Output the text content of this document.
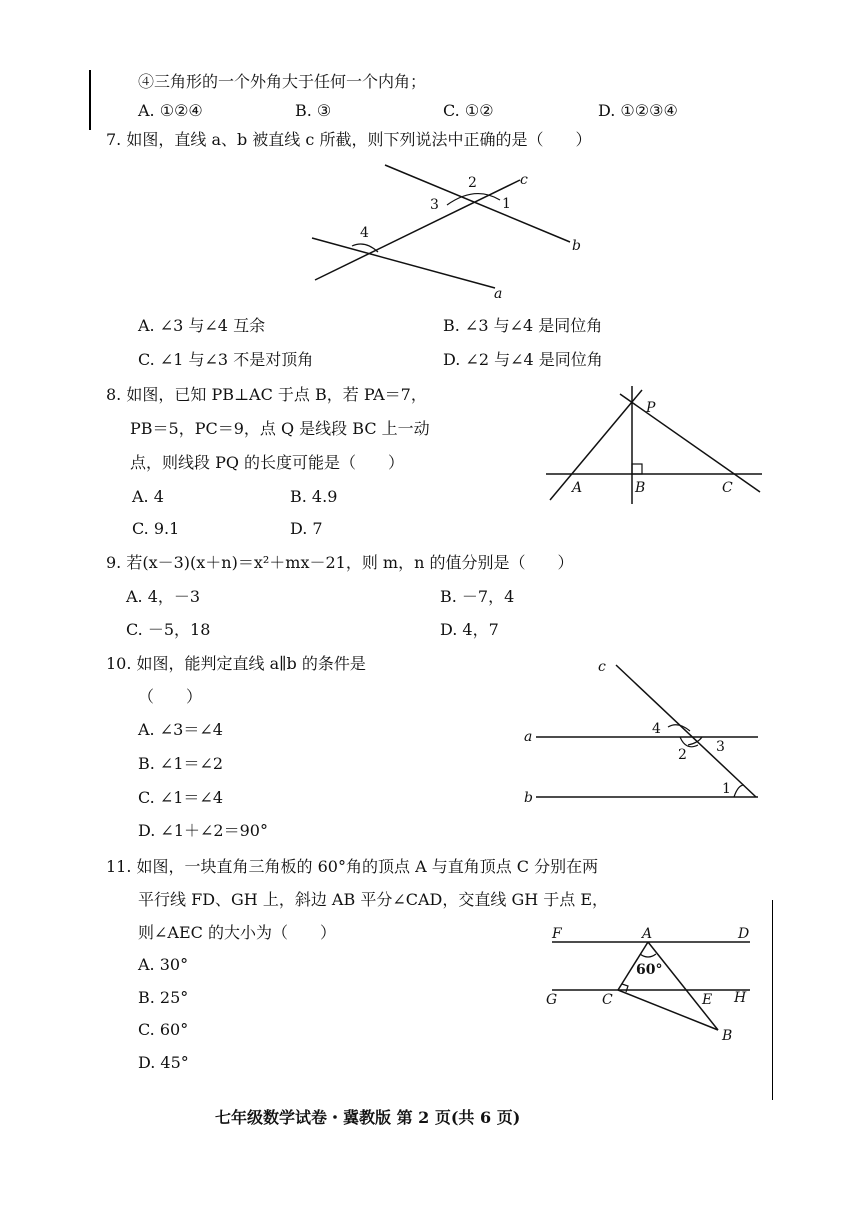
④三角形的一个外角大于任何一个内角；
A. ①②④	B. ③	C. ①②	D. ①②③④
7. 如图，直线 a、b 被直线 c 所截，则下列说法中正确的是（　　）
2
3	1
4
c
b
a
A. ∠3 与∠4 互余	B. ∠3 与∠4 是同位角
C. ∠1 与∠3 不是对顶角	D. ∠2 与∠4 是同位角
8. 如图，已知 PB⊥AC 于点 B，若 PA＝7，
PB＝5，PC＝9，点 Q 是线段 BC 上一动
点，则线段 PQ 的长度可能是（　　）
P
A	B	C
A. 4	B. 4.9
C. 9.1	D. 7
9. 若(x－3)(x＋n)＝x²＋mx－21，则 m，n 的值分别是（　　）
A. 4，－3	B. －7，4
C. －5，18	D. 4，7
10. 如图，能判定直线 a∥b 的条件是
（　　）
A. ∠3＝∠4
B. ∠1＝∠2
C. ∠1＝∠4
D. ∠1＋∠2＝90°
c
a
b
4
2 3
1
11. 如图，一块直角三角板的 60°角的顶点 A 与直角顶点 C 分别在两
平行线 FD、GH 上，斜边 AB 平分∠CAD，交直线 GH 于点 E，
则∠AEC 的大小为（　　）
A. 30°
B. 25°
C. 60°
D. 45°
F	A	D
G	C	E H
B
60°
七年级数学试卷・冀教版 第 2 页(共 6 页)
